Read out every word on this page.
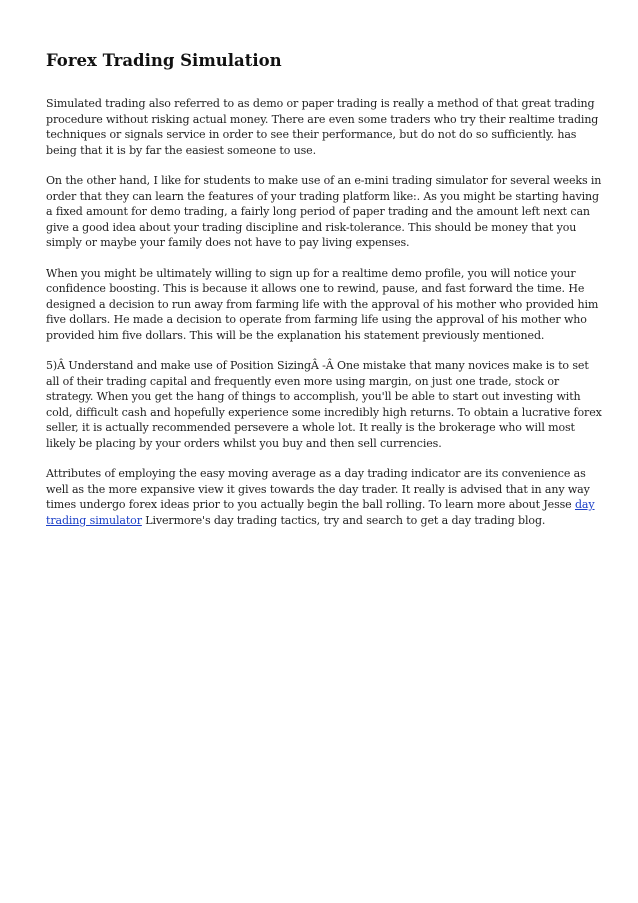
Forex Trading Simulation
Simulated trading also referred to as demo or paper trading is really a method of that great trading
procedure without risking actual money. There are even some traders who try their realtime trading
techniques or signals service in order to see their performance, but do not do so sufficiently. has
being that it is by far the easiest someone to use.
On the other hand, I like for students to make use of an e-mini trading simulator for several weeks in
order that they can learn the features of your trading platform like:. As you might be starting having
a fixed amount for demo trading, a fairly long period of paper trading and the amount left next can
give a good idea about your trading discipline and risk-tolerance. This should be money that you
simply or maybe your family does not have to pay living expenses.
When you might be ultimately willing to sign up for a realtime demo profile, you will notice your
confidence boosting. This is because it allows one to rewind, pause, and fast forward the time. He
designed a decision to run away from farming life with the approval of his mother who provided him
five dollars. He made a decision to operate from farming life using the approval of his mother who
provided him five dollars. This will be the explanation his statement previously mentioned.
5)Â Understand and make use of Position SizingÂ -Â One mistake that many novices make is to set
all of their trading capital and frequently even more using margin, on just one trade, stock or
strategy. When you get the hang of things to accomplish, you'll be able to start out investing with
cold, difficult cash and hopefully experience some incredibly high returns. To obtain a lucrative forex
seller, it is actually recommended persevere a whole lot. It really is the brokerage who will most
likely be placing by your orders whilst you buy and then sell currencies.
Attributes of employing the easy moving average as a day trading indicator are its convenience as
well as the more expansive view it gives towards the day trader. It really is advised that in any way
times undergo forex ideas prior to you actually begin the ball rolling. To learn more about Jesse day
trading simulator Livermore's day trading tactics, try and search to get a day trading blog.
